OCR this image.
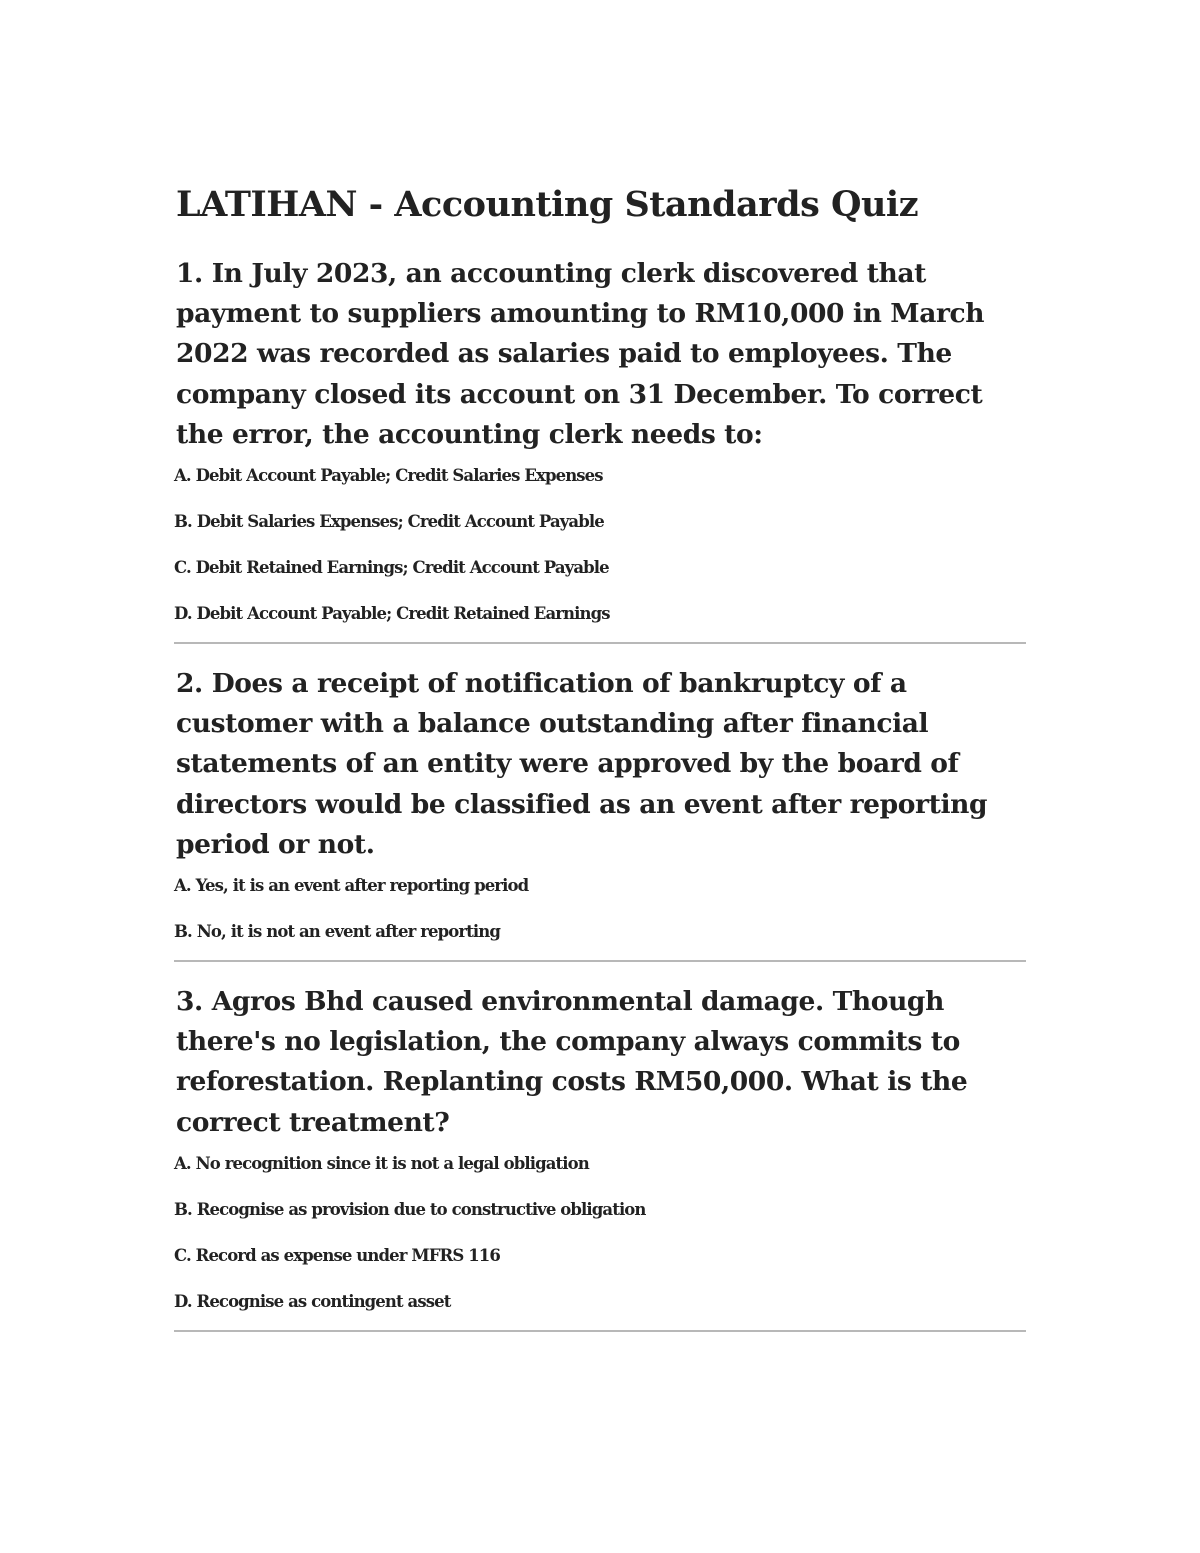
LATIHAN - Accounting Standards Quiz
1. In July 2023, an accounting clerk discovered that payment to suppliers amounting to RM10,000 in March 2022 was recorded as salaries paid to employees. The company closed its account on 31 December. To correct the error, the accounting clerk needs to:
A. Debit Account Payable; Credit Salaries Expenses
B. Debit Salaries Expenses; Credit Account Payable
C. Debit Retained Earnings; Credit Account Payable
D. Debit Account Payable; Credit Retained Earnings
2. Does a receipt of notification of bankruptcy of a customer with a balance outstanding after financial statements of an entity were approved by the board of directors would be classified as an event after reporting period or not.
A. Yes, it is an event after reporting period
B. No, it is not an event after reporting
3. Agros Bhd caused environmental damage. Though there's no legislation, the company always commits to reforestation. Replanting costs RM50,000. What is the correct treatment?
A. No recognition since it is not a legal obligation
B. Recognise as provision due to constructive obligation
C. Record as expense under MFRS 116
D. Recognise as contingent asset
